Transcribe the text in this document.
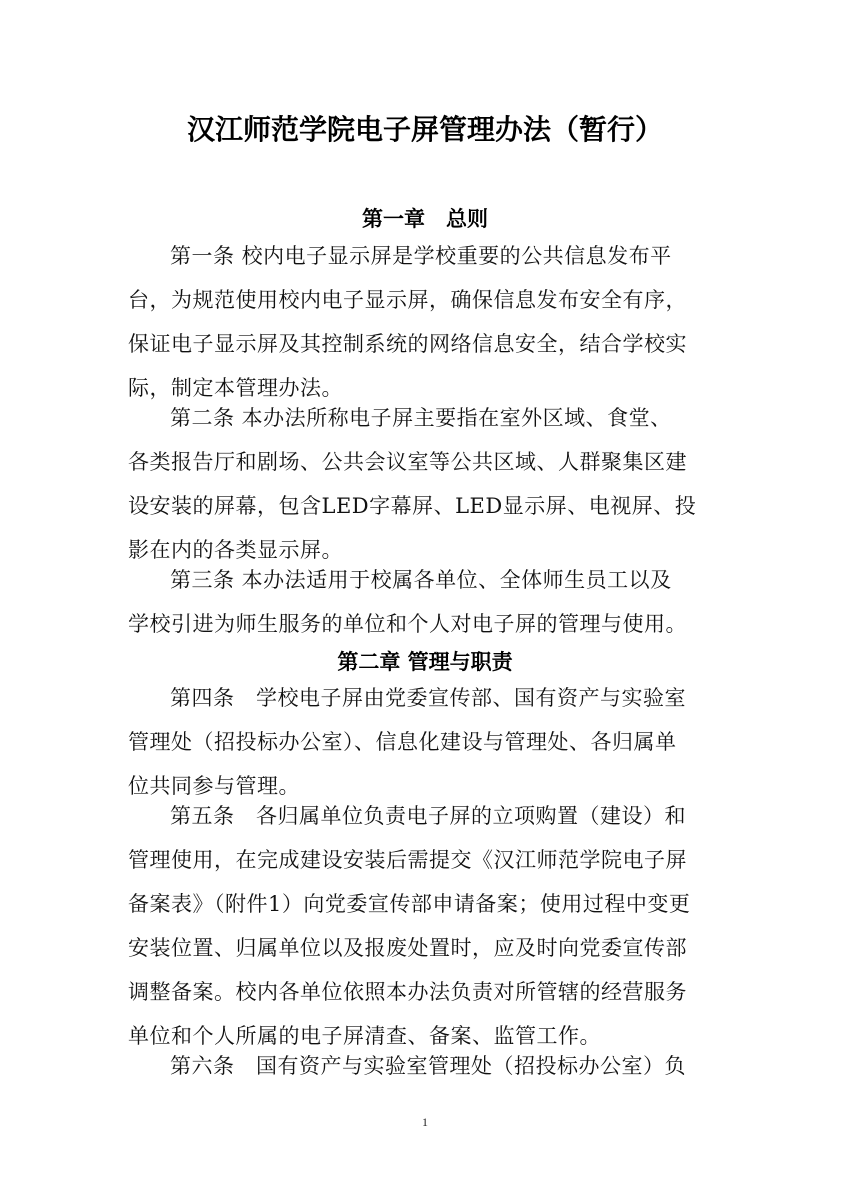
汉江师范学院电子屏管理办法（暂行）
第一章　总则
第一条 校内电子显示屏是学校重要的公共信息发布平
台，为规范使用校内电子显示屏，确保信息发布安全有序，
保证电子显示屏及其控制系统的网络信息安全，结合学校实
际，制定本管理办法。
第二条 本办法所称电子屏主要指在室外区域、食堂、
各类报告厅和剧场、公共会议室等公共区域、人群聚集区建
设安装的屏幕，包含LED字幕屏、LED显示屏、电视屏、投
影在内的各类显示屏。
第三条 本办法适用于校属各单位、全体师生员工以及
学校引进为师生服务的单位和个人对电子屏的管理与使用。
第二章 管理与职责
第四条　学校电子屏由党委宣传部、国有资产与实验室
管理处（招投标办公室）、信息化建设与管理处、各归属单
位共同参与管理。
第五条　各归属单位负责电子屏的立项购置（建设）和
管理使用，在完成建设安装后需提交《汉江师范学院电子屏
备案表》（附件1）向党委宣传部申请备案；使用过程中变更
安装位置、归属单位以及报废处置时，应及时向党委宣传部
调整备案。校内各单位依照本办法负责对所管辖的经营服务
单位和个人所属的电子屏清查、备案、监管工作。
第六条　国有资产与实验室管理处（招投标办公室）负
1
